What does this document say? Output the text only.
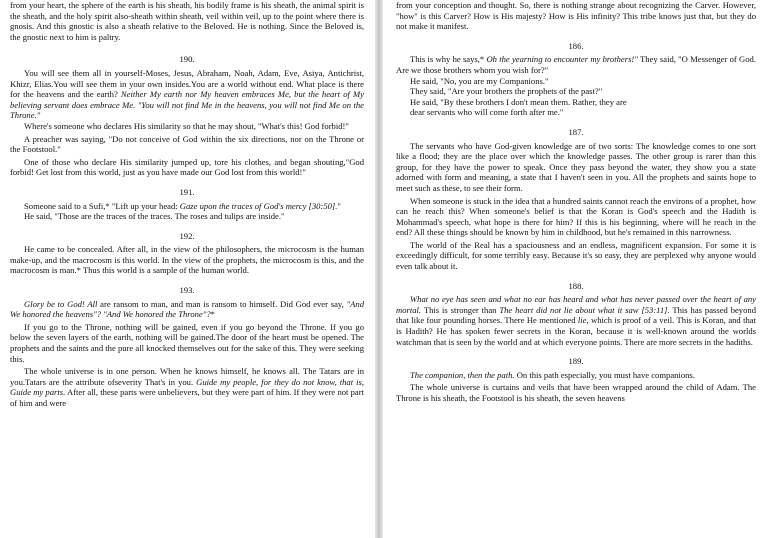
from your heart, the sphere of the earth is his sheath, his bodily frame is his sheath, the animal spirit is the sheath, and the holy spirit also-sheath within sheath, veil within veil, up to the point where there is gnosis. And this gnostic is also a sheath relative to the Beloved. He is nothing. Since the Beloved is, the gnostic next to him is paltry.

190.

You will see them all in yourself-Moses, Jesus, Abraham, Noah, Adam, Eve, Asiya, Antichrist, Khizr, Elias.You will see them in your own insides.You are a world without end. What place is there for the heavens and the earth? Neither My earth nor My heaven embraces Me, but the heart of My believing servant does embrace Me. "You will not find Me in the heavens, you will not find Me on the Throne."

Where's someone who declares His similarity so that he may shout, "What's this! God forbid!"

A preacher was saying, "Do not conceive of God within the six directions, nor on the Throne or the Footstool."

One of those who declare His similarity jumped up, tore his clothes, and began shouting,"God forbid! Get lost from this world, just as you have made our God lost from this world!"

191.

Someone said to a Sufi,* "Lift up your head: Gaze upon the traces of God's mercy [30:50]."

He said, "Those are the traces of the traces. The roses and tulips are inside."

192.

He came to be concealed. After all, in the view of the philosophers, the microcosm is the human make-up, and the macrocosm is this world. In the view of the prophets, the microcosm is this, and the macrocosm is man.* Thus this world is a sample of the human world.

193.

Glory be to God! All are ransom to man, and man is ransom to himself. Did God ever say, "And We honored the heavens"? "And We honored the Throne"?*

If you go to the Throne, nothing will be gained, even if you go beyond the Throne. If you go below the seven layers of the earth, nothing will be gained.The door of the heart must be opened. The prophets and the saints and the pure all knocked themselves out for the sake of this. They were seeking this.

The whole universe is in one person. When he knows himself, he knows all. The Tatars are in you.Tatars are the attribute ofseverity That's in you. Guide my people, for they do not know, that is, Guide my parts. After all, these parts were unbelievers, but they were part of him. If they were not part of him and were

from your conception and thought. So, there is nothing strange about recognizing the Carver. However, "how" is this Carver? How is His majesty? How is His infinity? This tribe knows just that, but they do not make it manifest.

186.

This is why he says,* Oh the yearning to encounter my brothers!" They said, "O Messenger of God. Are we those brothers whom you wish for?"

He said, "No, you are my Companions."

They said, "Are your brothers the prophets of the past?"

He said, "By these brothers I don't mean them. Rather, they are

dear servants who will come forth after me."

187.

The servants who have God-given knowledge are of two sorts: The knowledge comes to one sort like a flood; they are the place over which the knowledge passes. The other group is rarer than this group, for they have the power to speak. Once they pass beyond the water, they show you a state adorned with form and meaning, a state that I haven't seen in you. All the prophets and saints hope to meet such as these, to see their form.

When someone is stuck in the idea that a hundred saints cannot reach the environs of a prophet, how can he reach this? When someone's belief is that the Koran is God's speech and the Hadith is Mohammad's speech, what hope is there for him? If this is his beginning, where will he reach in the end? All these things should be known by him in childhood, but he's remained in this narrowness.

The world of the Real has a spaciousness and an endless, magnificent expansion. For some it is exceedingly difficult, for some terribly easy. Because it's so easy, they are perplexed why anyone would even talk about it.

188.

What no eye has seen and what no ear has heard and what has never passed over the heart of any mortal. This is stronger than The heart did not lie about what it saw [53:11]. This has passed beyond that like four pounding horses. There He mentioned lie, which is proof of a veil. This is Koran, and that is Hadith? He has spoken fewer secrets in the Koran, because it is well-known around the worlds watchman that is seen by the world and at which everyone points. There are more secrets in the hadiths.

189.

The companion, then the path. On this path especially, you must have companions.

The whole universe is curtains and veils that have been wrapped around the child of Adam. The Throne is his sheath, the Footstool is his sheath, the seven heavens
